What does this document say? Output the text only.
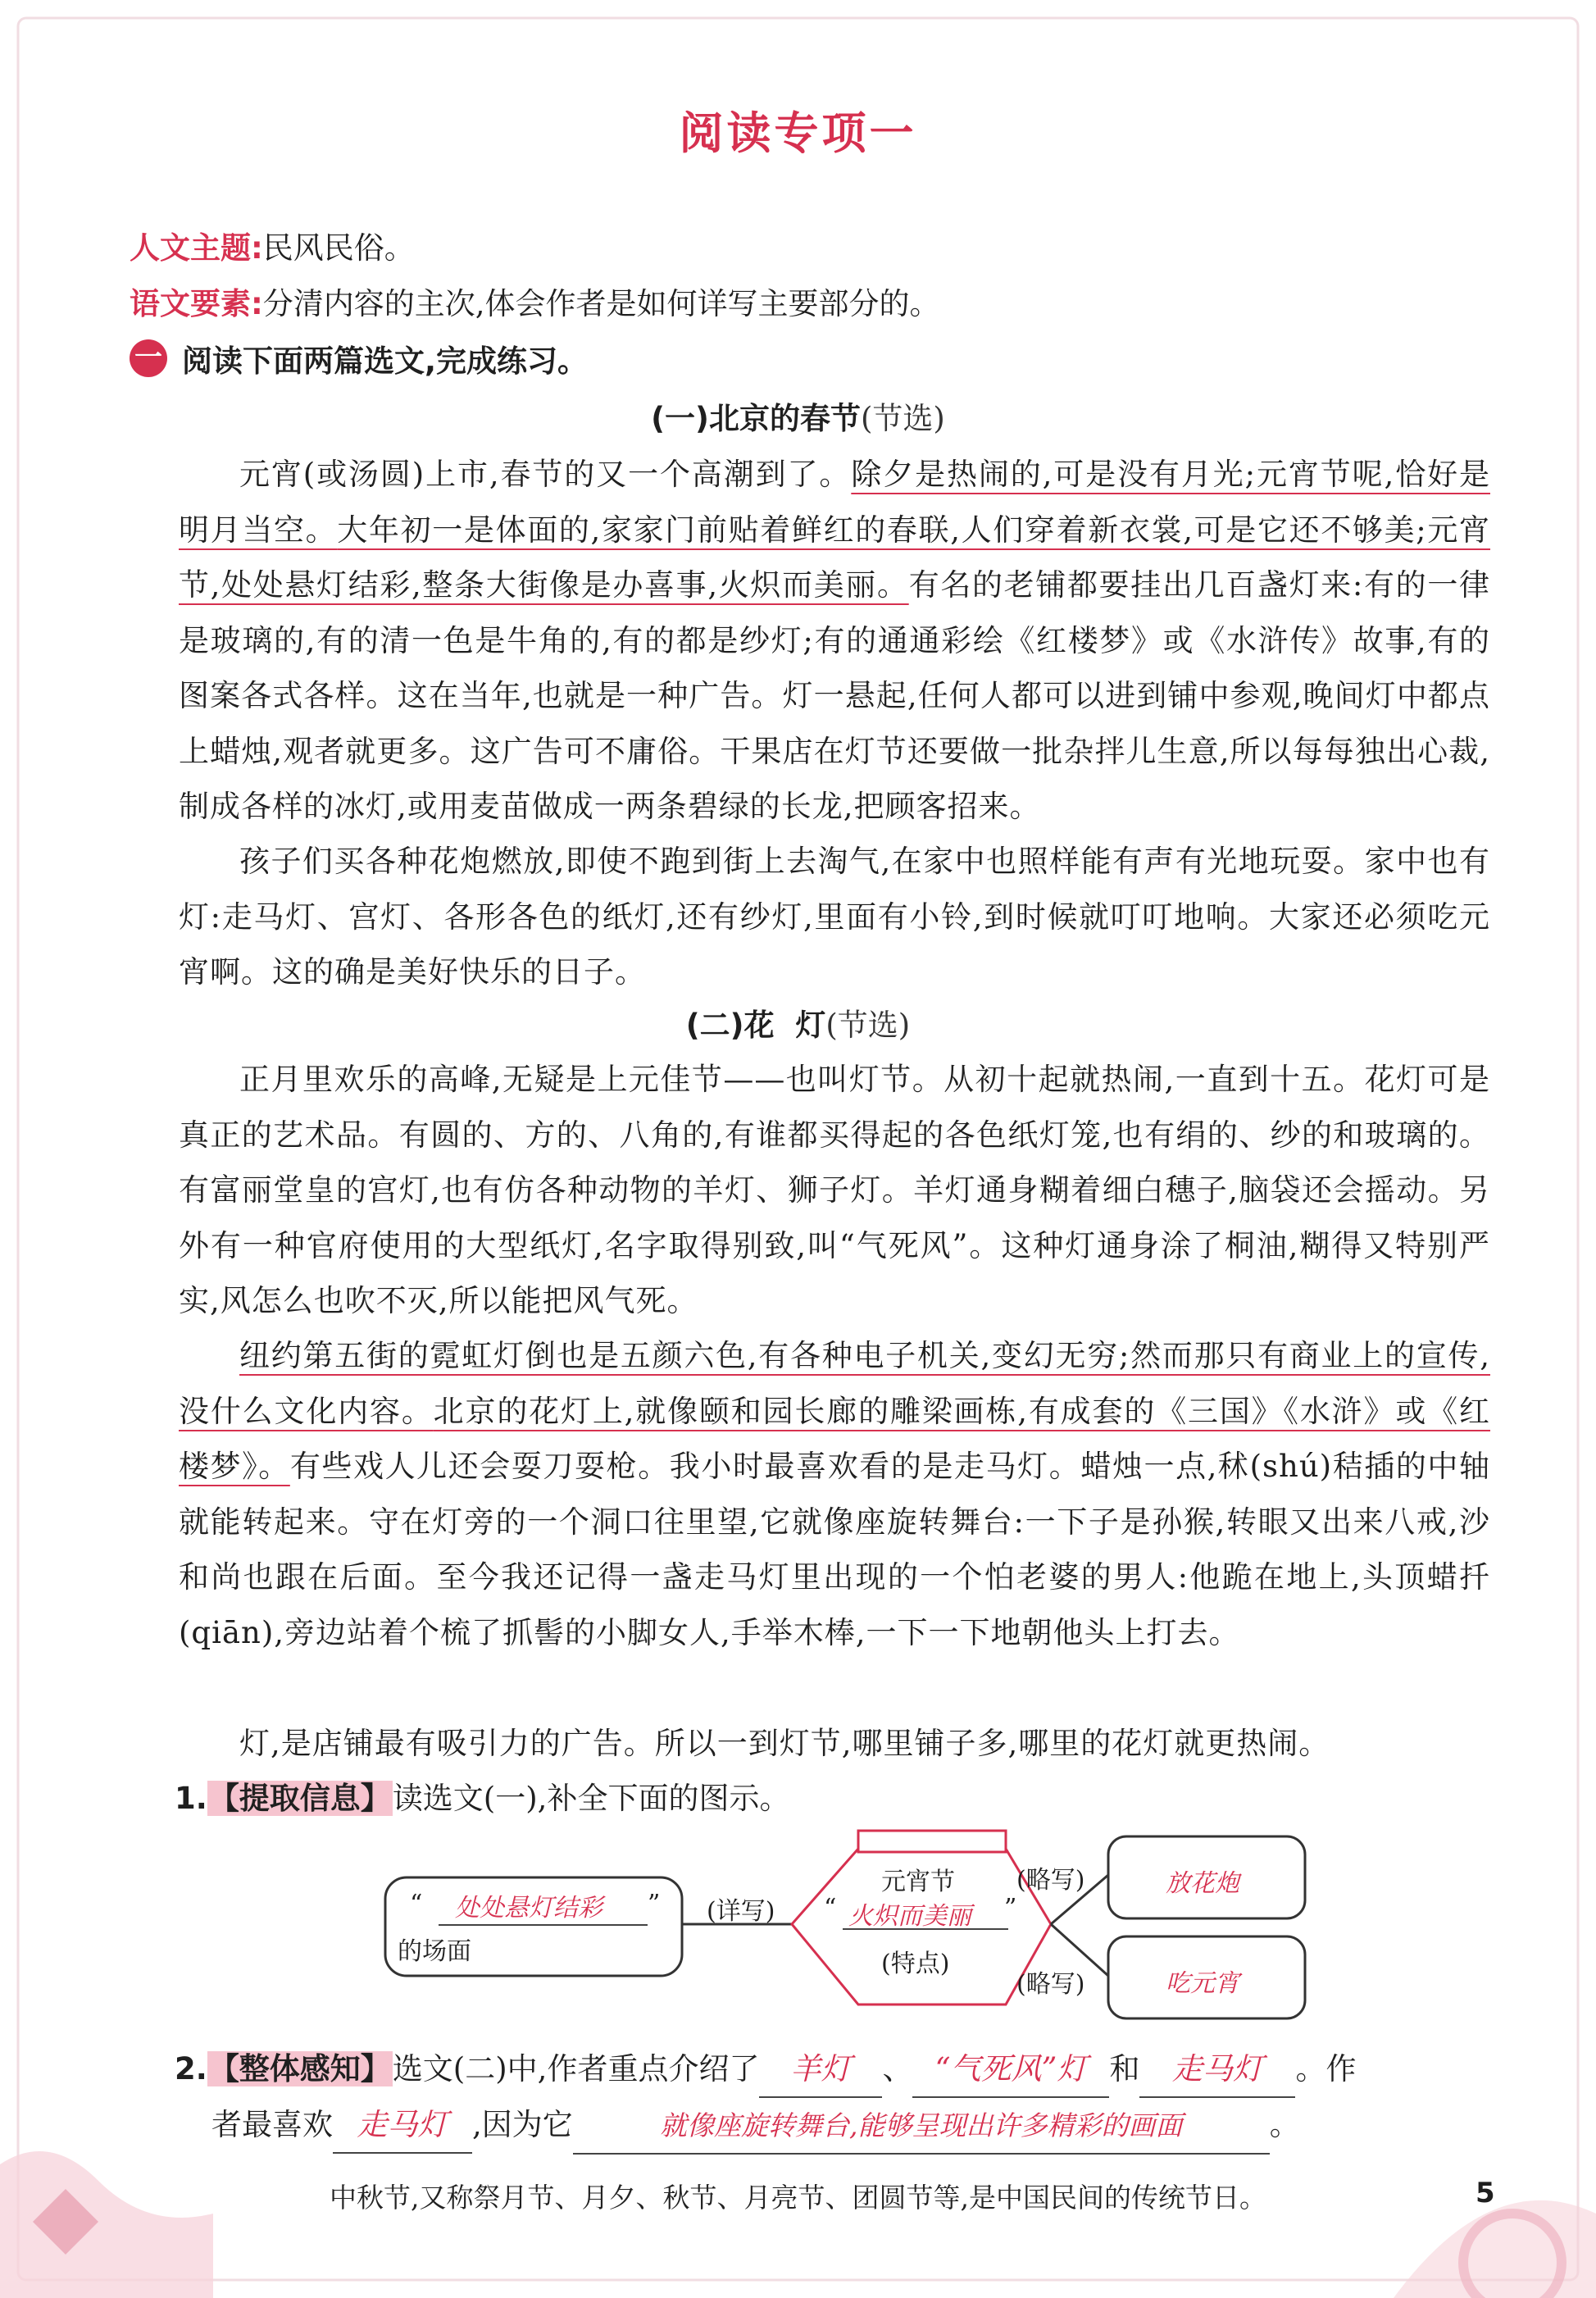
阅读专项一
人文主题:民风民俗。
语文要素:分清内容的主次,体会作者是如何详写主要部分的。
一 阅读下面两篇选文,完成练习。
(一)北京的春节(节选)
元宵(或汤圆)上市,春节的又一个高潮到了。除夕是热闹的,可是没有月光;元宵节呢,恰好是明月当空。大年初一是体面的,家家门前贴着鲜红的春联,人们穿着新衣裳,可是它还不够美;元宵节,处处悬灯结彩,整条大街像是办喜事,火炽而美丽。有名的老铺都要挂出几百盏灯来:有的一律是玻璃的,有的清一色是牛角的,有的都是纱灯;有的通通彩绘《红楼梦》或《水浒传》故事,有的图案各式各样。这在当年,也就是一种广告。灯一悬起,任何人都可以进到铺中参观,晚间灯中都点上蜡烛,观者就更多。这广告可不庸俗。干果店在灯节还要做一批杂拌儿生意,所以每每独出心裁,制成各样的冰灯,或用麦苗做成一两条碧绿的长龙,把顾客招来。
孩子们买各种花炮燃放,即使不跑到街上去淘气,在家中也照样能有声有光地玩耍。家中也有灯:走马灯、宫灯、各形各色的纸灯,还有纱灯,里面有小铃,到时候就叮叮地响。大家还必须吃元宵啊。这的确是美好快乐的日子。
(二)花  灯(节选)
正月里欢乐的高峰,无疑是上元佳节——也叫灯节。从初十起就热闹,一直到十五。花灯可是真正的艺术品。有圆的、方的、八角的,有谁都买得起的各色纸灯笼,也有绢的、纱的和玻璃的。有富丽堂皇的宫灯,也有仿各种动物的羊灯、狮子灯。羊灯通身糊着细白穗子,脑袋还会摇动。另外有一种官府使用的大型纸灯,名字取得别致,叫“气死风”。这种灯通身涂了桐油,糊得又特别严实,风怎么也吹不灭,所以能把风气死。
纽约第五街的霓虹灯倒也是五颜六色,有各种电子机关,变幻无穷;然而那只有商业上的宣传,没什么文化内容。北京的花灯上,就像颐和园长廊的雕梁画栋,有成套的《三国》《水浒》或《红楼梦》。有些戏人儿还会耍刀耍枪。我小时最喜欢看的是走马灯。蜡烛一点,秫(shú)秸插的中轴就能转起来。守在灯旁的一个洞口往里望,它就像座旋转舞台:一下子是孙猴,转眼又出来八戒,沙和尚也跟在后面。至今我还记得一盏走马灯里出现的一个怕老婆的男人:他跪在地上,头顶蜡扦(qiān),旁边站着个梳了抓髻的小脚女人,手举木棒,一下一下地朝他头上打去。
灯,是店铺最有吸引力的广告。所以一到灯节,哪里铺子多,哪里的花灯就更热闹。
1.【提取信息】读选文(一),补全下面的图示。
“ 处处悬灯结彩 ”
的场面
(详写)
元宵节
“ 火炽而美丽 ”
(特点)
(略写)
(略写)
放花炮
吃元宵
2.【整体感知】选文(二)中,作者重点介绍了 羊灯 、 “气死风”灯 和 走马灯 。作
者最喜欢 走马灯 ,因为它	就像座旋转舞台,能够呈现出许多精彩的画面	。
中秋节,又称祭月节、月夕、秋节、月亮节、团圆节等,是中国民间的传统节日。	5
